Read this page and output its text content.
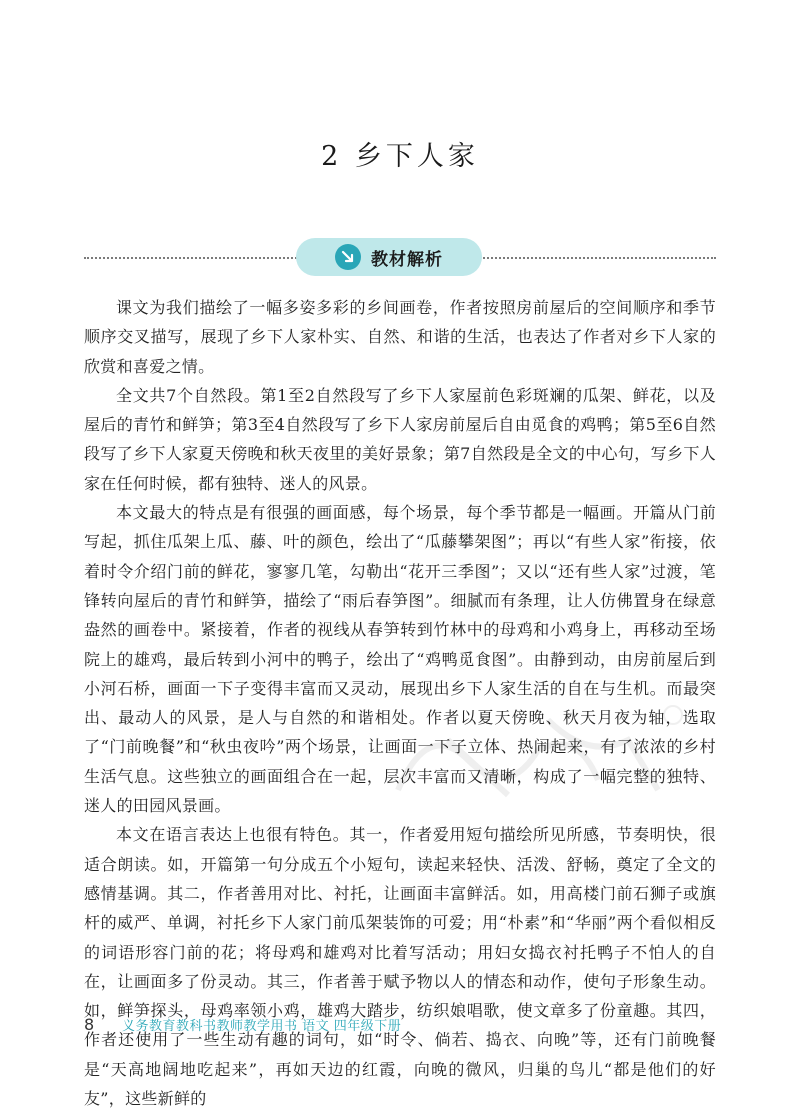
2 乡下人家
教材解析

课文为我们描绘了一幅多姿多彩的乡间画卷，作者按照房前屋后的空间顺序和季节顺序交叉描写，展现了乡下人家朴实、自然、和谐的生活，也表达了作者对乡下人家的欣赏和喜爱之情。

全文共7个自然段。第1至2自然段写了乡下人家屋前色彩斑斓的瓜架、鲜花，以及屋后的青竹和鲜笋；第3至4自然段写了乡下人家房前屋后自由觅食的鸡鸭；第5至6自然段写了乡下人家夏天傍晚和秋天夜里的美好景象；第7自然段是全文的中心句，写乡下人家在任何时候，都有独特、迷人的风景。

本文最大的特点是有很强的画面感，每个场景，每个季节都是一幅画。开篇从门前写起，抓住瓜架上瓜、藤、叶的颜色，绘出了“瓜藤攀架图”；再以“有些人家”衔接，依着时令介绍门前的鲜花，寥寥几笔，勾勒出“花开三季图”；又以“还有些人家”过渡，笔锋转向屋后的青竹和鲜笋，描绘了“雨后春笋图”。细腻而有条理，让人仿佛置身在绿意盎然的画卷中。紧接着，作者的视线从春笋转到竹林中的母鸡和小鸡身上，再移动至场院上的雄鸡，最后转到小河中的鸭子，绘出了“鸡鸭觅食图”。由静到动，由房前屋后到小河石桥，画面一下子变得丰富而又灵动，展现出乡下人家生活的自在与生机。而最突出、最动人的风景，是人与自然的和谐相处。作者以夏天傍晚、秋天月夜为轴，选取了“门前晚餐”和“秋虫夜吟”两个场景，让画面一下子立体、热闹起来，有了浓浓的乡村生活气息。这些独立的画面组合在一起，层次丰富而又清晰，构成了一幅完整的独特、迷人的田园风景画。

本文在语言表达上也很有特色。其一，作者爱用短句描绘所见所感，节奏明快，很适合朗读。如，开篇第一句分成五个小短句，读起来轻快、活泼、舒畅，奠定了全文的感情基调。其二，作者善用对比、衬托，让画面丰富鲜活。如，用高楼门前石狮子或旗杆的威严、单调，衬托乡下人家门前瓜架装饰的可爱；用“朴素”和“华丽”两个看似相反的词语形容门前的花；将母鸡和雄鸡对比着写活动；用妇女捣衣衬托鸭子不怕人的自在，让画面多了份灵动。其三，作者善于赋予物以人的情态和动作，使句子形象生动。如，鲜笋探头，母鸡率领小鸡，雄鸡大踏步，纺织娘唱歌，使文章多了份童趣。其四，作者还使用了一些生动有趣的词句，如“时令、倘若、捣衣、向晚”等，还有门前晚餐是“天高地阔地吃起来”，再如天边的红霞，向晚的微风，归巢的鸟儿“都是他们的好友”，这些新鲜的

8	义务教育教科书教师教学用书 语文 四年级下册
